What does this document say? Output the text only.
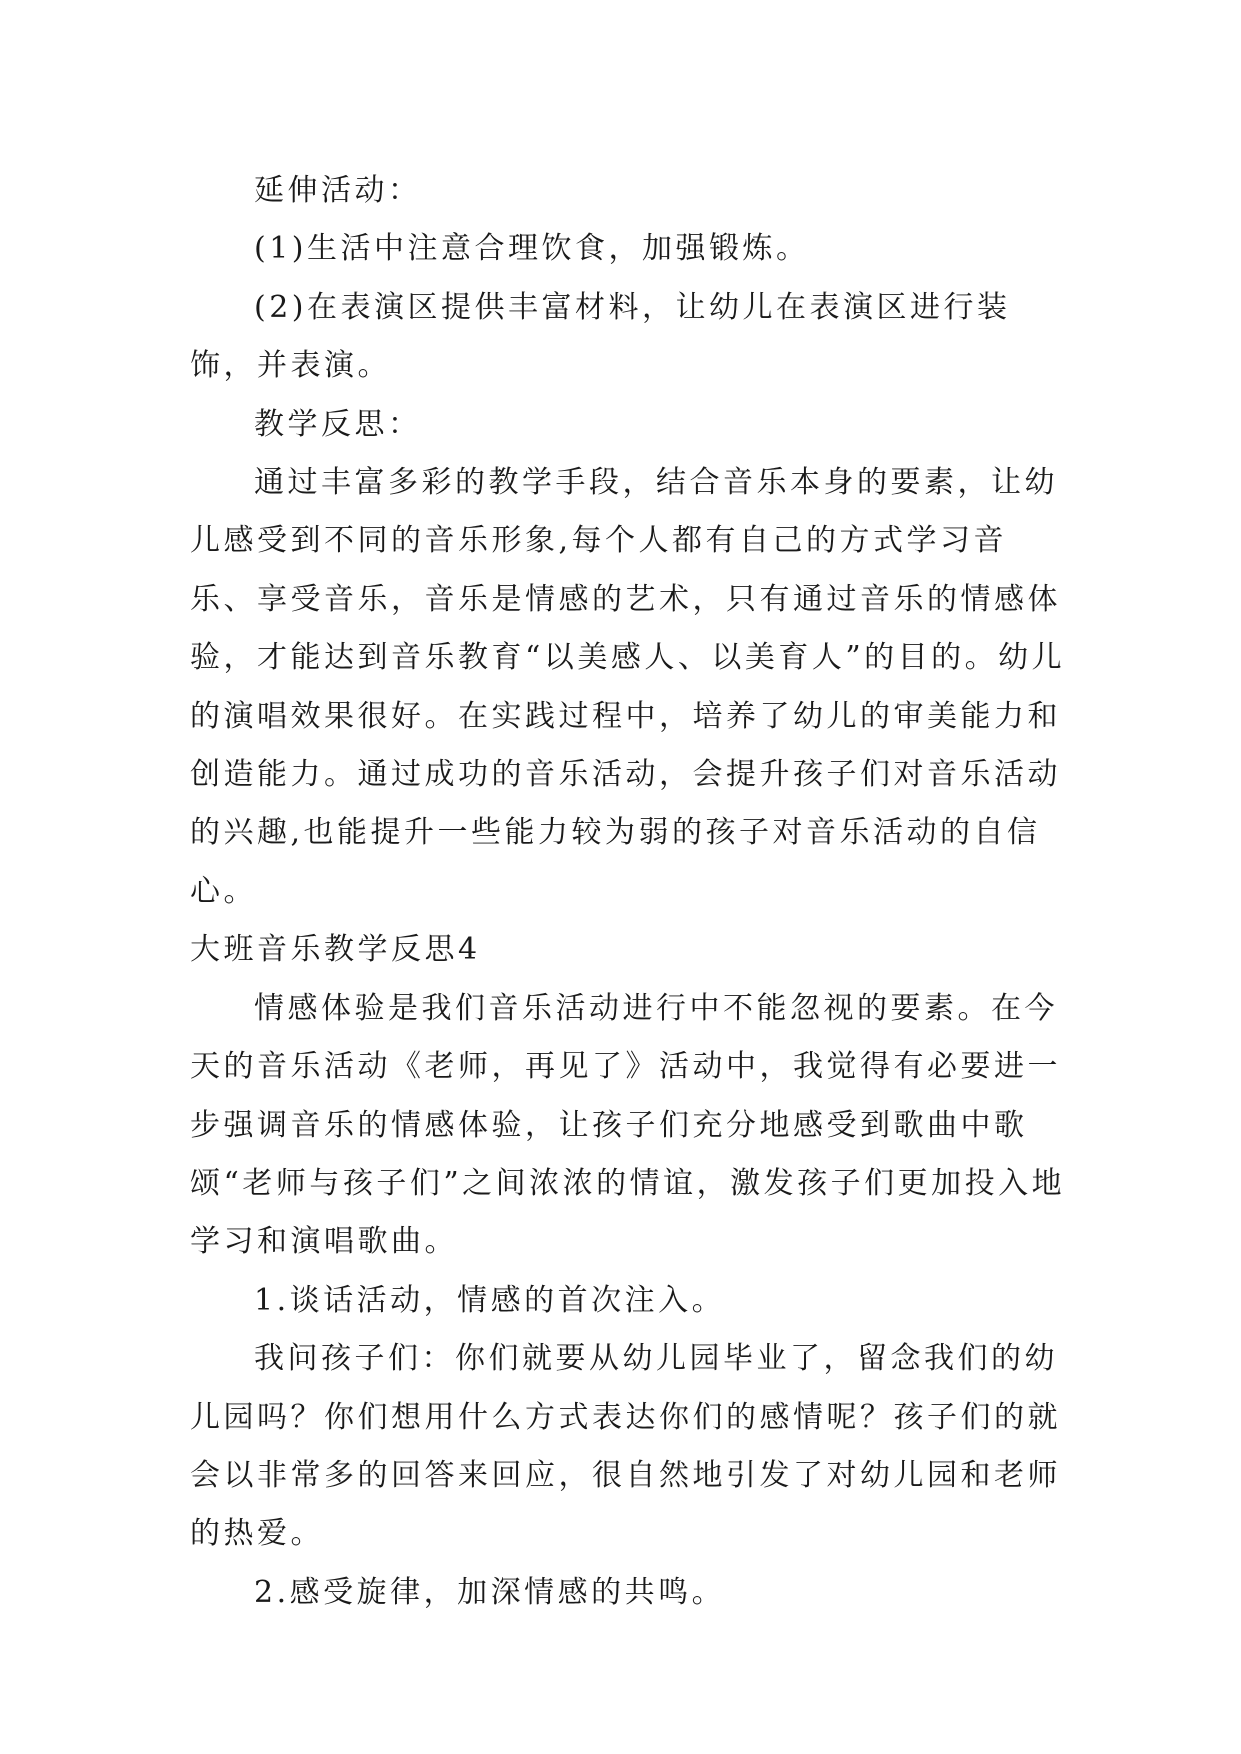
延伸活动：

(1)生活中注意合理饮食，加强锻炼。

(2)在表演区提供丰富材料，让幼儿在表演区进行装饰，并表演。

教学反思：

通过丰富多彩的教学手段，结合音乐本身的要素，让幼儿感受到不同的音乐形象,每个人都有自己的方式学习音乐、享受音乐，音乐是情感的艺术，只有通过音乐的情感体验，才能达到音乐教育“以美感人、以美育人”的目的。幼儿的演唱效果很好。在实践过程中，培养了幼儿的审美能力和创造能力。通过成功的音乐活动，会提升孩子们对音乐活动的兴趣,也能提升一些能力较为弱的孩子对音乐活动的自信心。

大班音乐教学反思4

情感体验是我们音乐活动进行中不能忽视的要素。在今天的音乐活动《老师，再见了》活动中，我觉得有必要进一步强调音乐的情感体验，让孩子们充分地感受到歌曲中歌颂“老师与孩子们”之间浓浓的情谊，激发孩子们更加投入地学习和演唱歌曲。

1.谈话活动，情感的首次注入。

我问孩子们：你们就要从幼儿园毕业了，留念我们的幼儿园吗？你们想用什么方式表达你们的感情呢？孩子们的就会以非常多的回答来回应，很自然地引发了对幼儿园和老师的热爱。

2.感受旋律，加深情感的共鸣。
